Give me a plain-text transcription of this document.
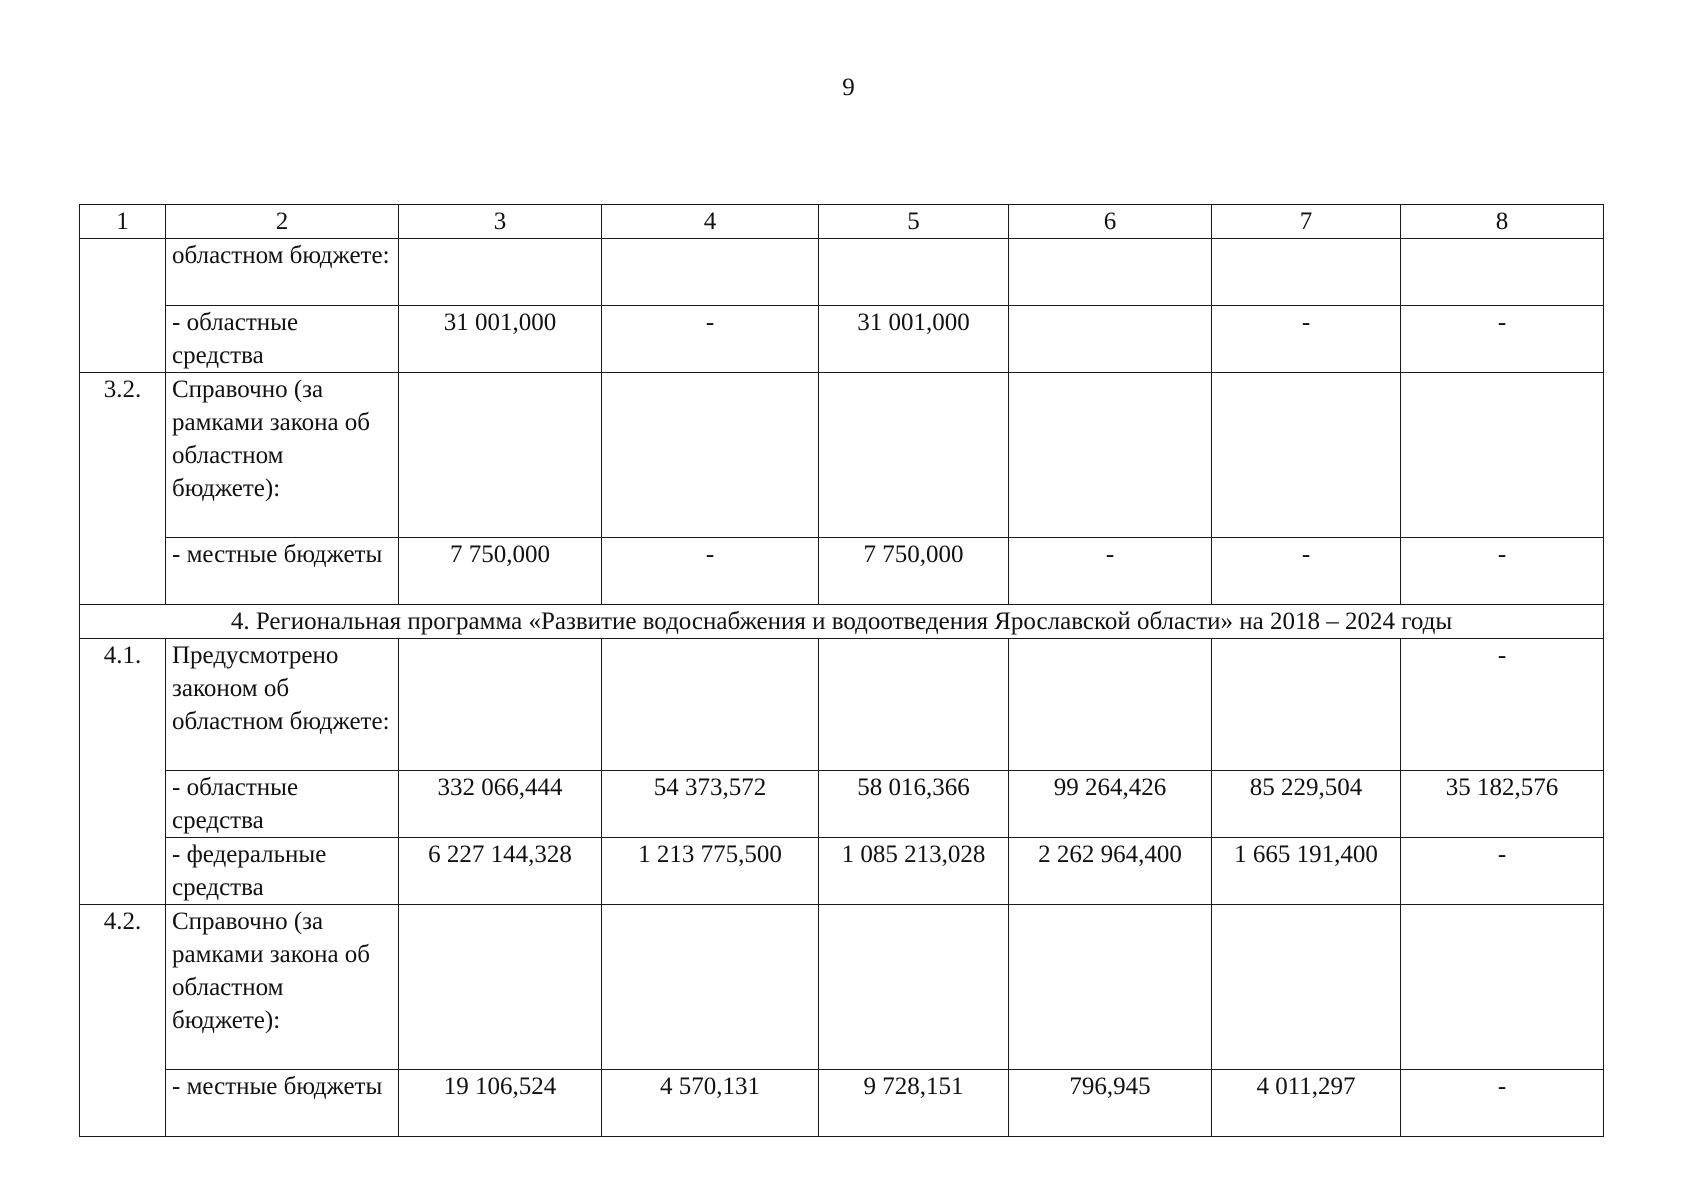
9
1	2	3	4	5	6	7	8
	областном бюджете:						
	- областные средства	31 001,000	-	31 001,000		-	-
3.2.	Справочно (за рамками закона об областном бюджете):						
	- местные бюджеты	7 750,000	-	7 750,000	-	-	-
4. Региональная программа «Развитие водоснабжения и водоотведения Ярославской области» на 2018 – 2024 годы							
4.1.	Предусмотрено законом об областном бюджете:						-
	- областные средства	332 066,444	54 373,572	58 016,366	99 264,426	85 229,504	35 182,576
	- федеральные средства	6 227 144,328	1 213 775,500	1 085 213,028	2 262 964,400	1 665 191,400	-
4.2.	Справочно (за рамками закона об областном бюджете):						
	- местные бюджеты	19 106,524	4 570,131	9 728,151	796,945	4 011,297	-
